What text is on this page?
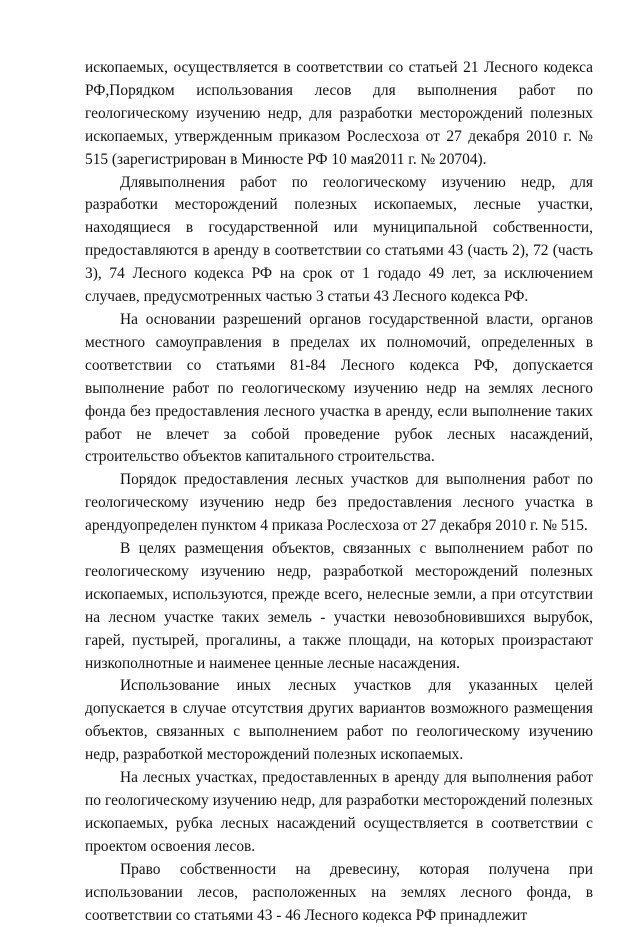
ископаемых, осуществляется в соответствии со статьей 21 Лесного кодекса РФ,Порядком использования лесов для выполнения работ по геологическому изучению недр, для разработки месторождений полезных ископаемых, утвержденным приказом Рослесхоза от 27 декабря 2010 г. № 515 (зарегистрирован в Минюсте РФ 10 мая2011 г. № 20704).

Длявыполнения работ по геологическому изучению недр, для разработки месторождений полезных ископаемых, лесные участки, находящиеся в государственной или муниципальной собственности, предоставляются в аренду в соответствии со статьями 43 (часть 2), 72 (часть 3), 74 Лесного кодекса РФ на срок от 1 годадо 49 лет, за исключением случаев, предусмотренных частью 3 статьи 43 Лесного кодекса РФ.

На основании разрешений органов государственной власти, органов местного самоуправления в пределах их полномочий, определенных в соответствии со статьями 81-84 Лесного кодекса РФ, допускается выполнение работ по геологическому изучению недр на землях лесного фонда без предоставления лесного участка в аренду, если выполнение таких работ не влечет за собой проведение рубок лесных насаждений, строительство объектов капитального строительства.

Порядок предоставления лесных участков для выполнения работ по геологическому изучению недр без предоставления лесного участка в арендуопределен пунктом 4 приказа Рослесхоза от 27 декабря 2010 г. № 515.

В целях размещения объектов, связанных с выполнением работ по геологическому изучению недр, разработкой месторождений полезных ископаемых, используются, прежде всего, нелесные земли, а при отсутствии на лесном участке таких земель - участки невозобновившихся вырубок, гарей, пустырей, прогалины, а также площади, на которых произрастают низкополнотные и наименее ценные лесные насаждения.

Использование иных лесных участков для указанных целей допускается в случае отсутствия других вариантов возможного размещения объектов, связанных с выполнением работ по геологическому изучению недр, разработкой месторождений полезных ископаемых.

На лесных участках, предоставленных в аренду для выполнения работ по геологическому изучению недр, для разработки месторождений полезных ископаемых, рубка лесных насаждений осуществляется в соответствии с проектом освоения лесов.

Право собственности на древесину, которая получена при использовании лесов, расположенных на землях лесного фонда, в соответствии со статьями 43 - 46 Лесного кодекса РФ принадлежит
